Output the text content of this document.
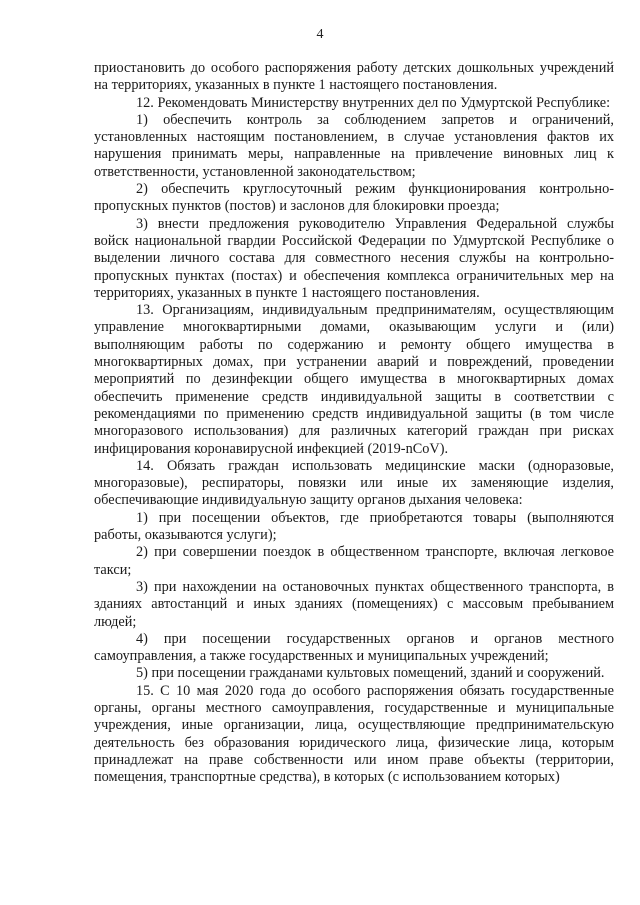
4

приостановить до особого распоряжения работу детских дошкольных учреждений на территориях, указанных в пункте 1 настоящего постановления.

12. Рекомендовать Министерству внутренних дел по Удмуртской Республике:

1) обеспечить контроль за соблюдением запретов и ограничений, установленных настоящим постановлением, в случае установления фактов их нарушения принимать меры, направленные на привлечение виновных лиц к ответственности, установленной законодательством;

2) обеспечить круглосуточный режим функционирования контрольно-пропускных пунктов (постов) и заслонов для блокировки проезда;

3) внести предложения руководителю Управления Федеральной службы войск национальной гвардии Российской Федерации по Удмуртской Республике о выделении личного состава для совместного несения службы на контрольно-пропускных пунктах (постах) и обеспечения комплекса ограничительных мер на территориях, указанных в пункте 1 настоящего постановления.

13. Организациям, индивидуальным предпринимателям, осуществляющим управление многоквартирными домами, оказывающим услуги и (или) выполняющим работы по содержанию и ремонту общего имущества в многоквартирных домах, при устранении аварий и повреждений, проведении мероприятий по дезинфекции общего имущества в многоквартирных домах обеспечить применение средств индивидуальной защиты в соответствии с рекомендациями по применению средств индивидуальной защиты (в том числе многоразового использования) для различных категорий граждан при рисках инфицирования коронавирусной инфекцией (2019-nCoV).

14. Обязать граждан использовать медицинские маски (одноразовые, многоразовые), респираторы, повязки или иные их заменяющие изделия, обеспечивающие индивидуальную защиту органов дыхания человека:

1) при посещении объектов, где приобретаются товары (выполняются работы, оказываются услуги);

2) при совершении поездок в общественном транспорте, включая легковое такси;

3) при нахождении на остановочных пунктах общественного транспорта, в зданиях автостанций и иных зданиях (помещениях) с массовым пребыванием людей;

4) при посещении государственных органов и органов местного самоуправления, а также государственных и муниципальных учреждений;

5) при посещении гражданами культовых помещений, зданий и сооружений.

15. С 10 мая 2020 года до особого распоряжения обязать государственные органы, органы местного самоуправления, государственные и муниципальные учреждения, иные организации, лица, осуществляющие предпринимательскую деятельность без образования юридического лица, физические лица, которым принадлежат на праве собственности или ином праве объекты (территории, помещения, транспортные средства), в которых (с использованием которых)
